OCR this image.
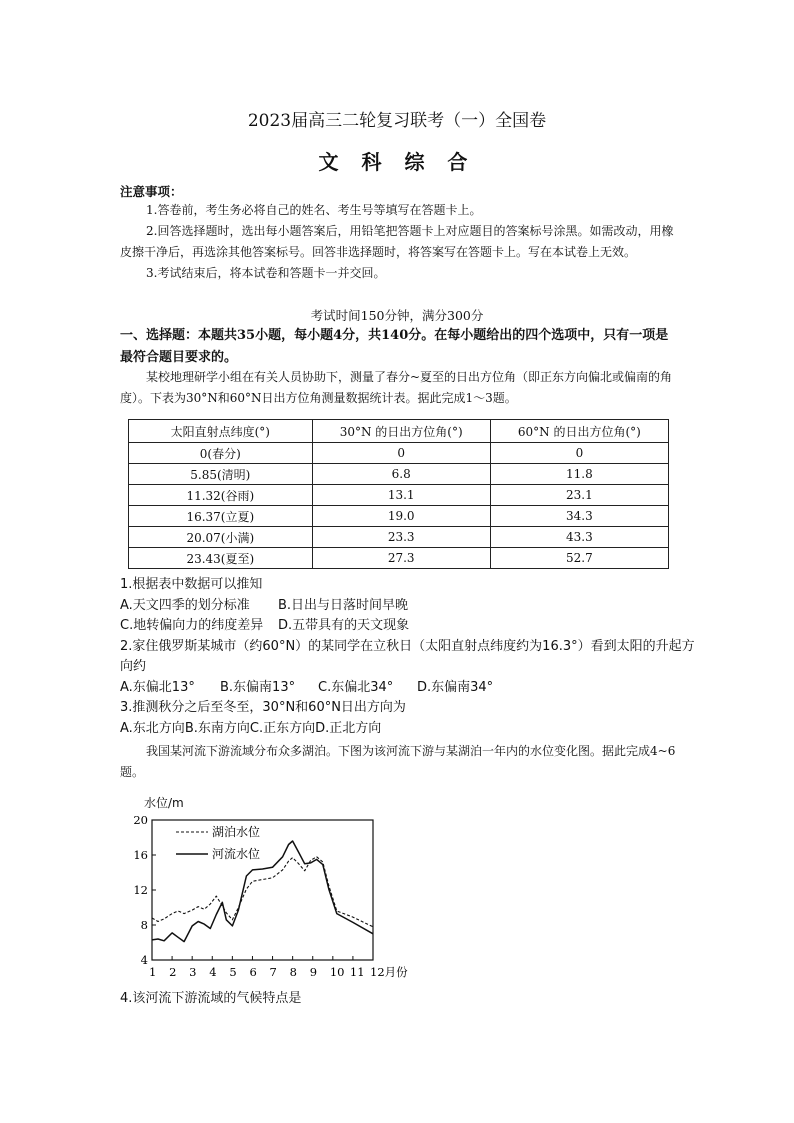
2023届高三二轮复习联考（一）全国卷
文 科 综 合
注意事项：

1.答卷前，考生务必将自己的姓名、考生号等填写在答题卡上。

2.回答选择题时，选出每小题答案后，用铅笔把答题卡上对应题目的答案标号涂黑。如需改动，用橡皮擦干净后，再选涂其他答案标号。回答非选择题时，将答案写在答题卡上。写在本试卷上无效。

3.考试结束后，将本试卷和答题卡一并交回。

考试时间150分钟，满分300分
一、选择题：本题共35小题，每小题4分，共140分。在每小题给出的四个选项中，只有一项是最符合题目要求的。
某校地理研学小组在有关人员协助下，测量了春分~夏至的日出方位角（即正东方向偏北或偏南的角度）。下表为30°N和60°N日出方位角测量数据统计表。据此完成1～3题。
太阳直射点纬度(°)	30°N 的日出方位角(°)	60°N 的日出方位角(°)
0(春分)	0	0
5.85(清明)	6.8	11.8
11.32(谷雨)	13.1	23.1
16.37(立夏)	19.0	34.3
20.07(小满)	23.3	43.3
23.43(夏至)	27.3	52.7
1.根据表中数据可以推知
A.天文四季的划分标准 B.日出与日落时间早晚
C.地转偏向力的纬度差异 D.五带具有的天文现象
2.家住俄罗斯某城市（约60°N）的某同学在立秋日（太阳直射点纬度约为16.3°）看到太阳的升起方向约
A.东偏北13° B.东偏南13° C.东偏北34° D.东偏南34°
3.推测秋分之后至冬至，30°N和60°N日出方向为
A.东北方向B.东南方向C.正东方向D.正北方向
我国某河流下游流域分布众多湖泊。下图为该河流下游与某湖泊一年内的水位变化图。据此完成4~6题。
水位/m
4
8
12
16
20
1 2 3 4 5 6 7 8 9 10 11 12月份
湖泊水位
河流水位
4.该河流下游流域的气候特点是
